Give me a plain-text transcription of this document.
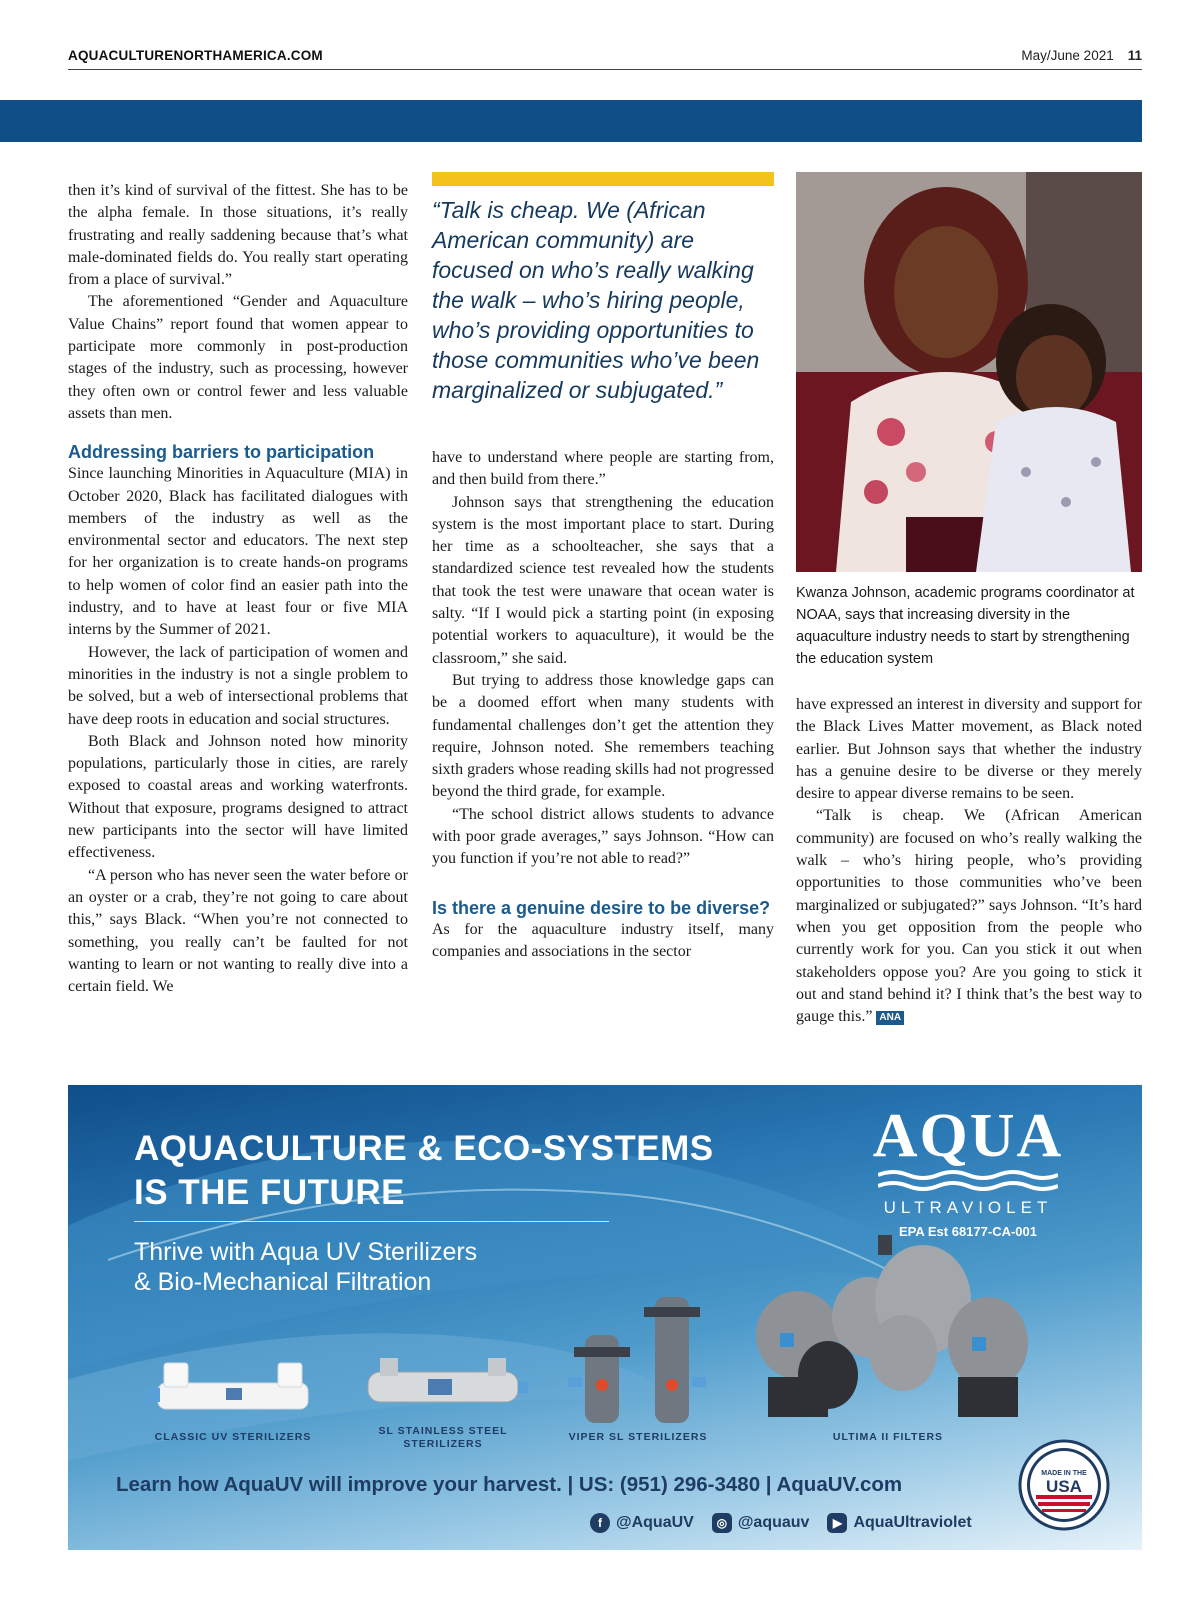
AQUACULTURENORTHAMERICA.COM	May/June 2021 11

then it’s kind of survival of the fittest. She has to be the alpha female. In those situations, it’s really frustrating and really saddening because that’s what male-dominated fields do. You really start operating from a place of survival.”

The aforementioned “Gender and Aquaculture Value Chains” report found that women appear to participate more commonly in post-production stages of the industry, such as processing, however they often own or control fewer and less valuable assets than men.

Addressing barriers to participation

Since launching Minorities in Aquaculture (MIA) in October 2020, Black has facilitated dialogues with members of the industry as well as the environmental sector and educators. The next step for her organization is to create hands-on programs to help women of color find an easier path into the industry, and to have at least four or five MIA interns by the Summer of 2021.

However, the lack of participation of women and minorities in the industry is not a single problem to be solved, but a web of intersectional problems that have deep roots in education and social structures.

Both Black and Johnson noted how minority populations, particularly those in cities, are rarely exposed to coastal areas and working waterfronts. Without that exposure, programs designed to attract new participants into the sector will have limited effectiveness.

“A person who has never seen the water before or an oyster or a crab, they’re not going to care about this,” says Black. “When you’re not connected to something, you really can’t be faulted for not wanting to learn or not wanting to really dive into a certain field. We

“Talk is cheap. We (African American community) are focused on who’s really walking the walk – who’s hiring people, who’s providing opportunities to those communities who’ve been marginalized or subjugated.”

have to understand where people are starting from, and then build from there.”

Johnson says that strengthening the education system is the most important place to start. During her time as a schoolteacher, she says that a standardized science test revealed how the students that took the test were unaware that ocean water is salty. “If I would pick a starting point (in exposing potential workers to aquaculture), it would be the classroom,” she said.

But trying to address those knowledge gaps can be a doomed effort when many students with fundamental challenges don’t get the attention they require, Johnson noted. She remembers teaching sixth graders whose reading skills had not progressed beyond the third grade, for example.

“The school district allows students to advance with poor grade averages,” says Johnson. “How can you function if you’re not able to read?”

Is there a genuine desire to be diverse?

As for the aquaculture industry itself, many companies and associations in the sector

Kwanza Johnson, academic programs coordinator at NOAA, says that increasing diversity in the aquaculture industry needs to start by strengthening the education system

have expressed an interest in diversity and support for the Black Lives Matter movement, as Black noted earlier. But Johnson says that whether the industry has a genuine desire to be diverse or they merely desire to appear diverse remains to be seen.

“Talk is cheap. We (African American community) are focused on who’s really walking the walk – who’s hiring people, who’s providing opportunities to those communities who’ve been marginalized or subjugated?” says Johnson. “It’s hard when you get opposition from the people who currently work for you. Can you stick it out when stakeholders oppose you? Are you going to stick it out and stand behind it? I think that’s the best way to gauge this.” ANA

AQUACULTURE & ECO-SYSTEMS
IS THE FUTURE
Thrive with Aqua UV Sterilizers
& Bio-Mechanical Filtration
AQUA
ULTRAVIOLET
EPA Est 68177-CA-001
CLASSIC UV STERILIZERS	SL STAINLESS STEEL
STERILIZERS
VIPER SL STERILIZERS	ULTIMA II FILTERS
Learn how AquaUV will improve your harvest. | US: (951) 296-3480 | AquaUV.com
f @AquaUV	◎ @aquauv	▶ AquaUltraviolet
MADE IN THE
USA
